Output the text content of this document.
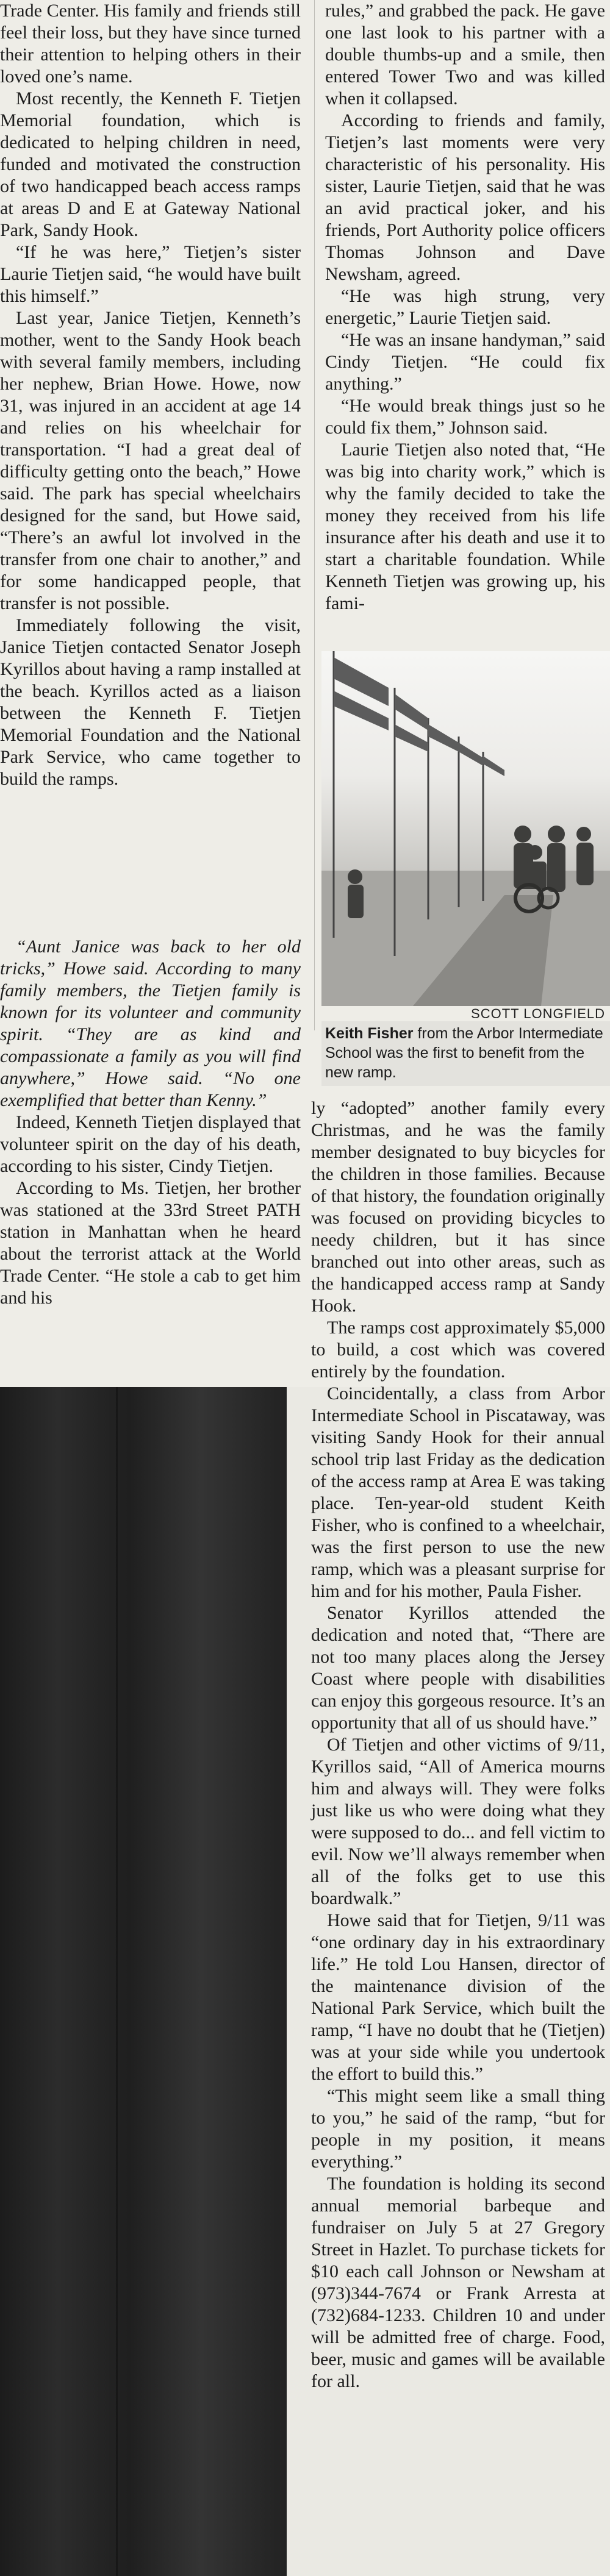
Trade Center. His family and friends still feel their loss, but they have since turned their attention to helping others in their loved one’s name.

Most recently, the Kenneth F. Tietjen Memorial foundation, which is dedicated to helping children in need, funded and motivated the construction of two handicapped beach access ramps at areas D and E at Gateway National Park, Sandy Hook.

“If he was here,” Tietjen’s sister Laurie Tietjen said, “he would have built this himself.”

Last year, Janice Tietjen, Kenneth’s mother, went to the Sandy Hook beach with several family members, including her nephew, Brian Howe. Howe, now 31, was injured in an accident at age 14 and relies on his wheelchair for transportation. “I had a great deal of difficulty getting onto the beach,” Howe said. The park has special wheelchairs designed for the sand, but Howe said, “There’s an awful lot involved in the transfer from one chair to another,” and for some handicapped people, that transfer is not possible.

Immediately following the visit, Janice Tietjen contacted Senator Joseph Kyrillos about having a ramp installed at the beach. Kyrillos acted as a liaison between the Kenneth F. Tietjen Memorial Foundation and the National Park Service, who came together to build the ramps.

“Aunt Janice was back to her old tricks,” Howe said. According to many family members, the Tietjen family is known for its volunteer and community spirit. “They are as kind and compassionate a family as you will find anywhere,” Howe said. “No one exemplified that better than Kenny.”

Indeed, Kenneth Tietjen displayed that volunteer spirit on the day of his death, according to his sister, Cindy Tietjen.

According to Ms. Tietjen, her brother was stationed at the 33rd Street PATH station in Manhattan when he heard about the terrorist attack at the World Trade Center. “He stole a cab to get him and his

rules,” and grabbed the pack. He gave one last look to his partner with a double thumbs-up and a smile, then entered Tower Two and was killed when it collapsed.

According to friends and family, Tietjen’s last moments were very characteristic of his personality. His sister, Laurie Tietjen, said that he was an avid practical joker, and his friends, Port Authority police officers Thomas Johnson and Dave Newsham, agreed.

“He was high strung, very energetic,” Laurie Tietjen said.

“He was an insane handyman,” said Cindy Tietjen. “He could fix anything.”

“He would break things just so he could fix them,” Johnson said.

Laurie Tietjen also noted that, “He was big into charity work,” which is why the family decided to take the money they received from his life insurance after his death and use it to start a charitable foundation. While Kenneth Tietjen was growing up, his fami-

SCOTT LONGFIELD
Keith Fisher from the Arbor Intermediate School was the first to benefit from the new ramp.

ly “adopted” another family every Christmas, and he was the family member designated to buy bicycles for the children in those families. Because of that history, the foundation originally was focused on providing bicycles to needy children, but it has since branched out into other areas, such as the handicapped access ramp at Sandy Hook.

The ramps cost approximately $5,000 to build, a cost which was covered entirely by the foundation.

Coincidentally, a class from Arbor Intermediate School in Piscataway, was visiting Sandy Hook for their annual school trip last Friday as the dedication of the access ramp at Area E was taking place. Ten-year-old student Keith Fisher, who is confined to a wheelchair, was the first person to use the new ramp, which was a pleasant surprise for him and for his mother, Paula Fisher.

Senator Kyrillos attended the dedication and noted that, “There are not too many places along the Jersey Coast where people with disabilities can enjoy this gorgeous resource. It’s an opportunity that all of us should have.”

Of Tietjen and other victims of 9/11, Kyrillos said, “All of America mourns him and always will. They were folks just like us who were doing what they were supposed to do... and fell victim to evil. Now we’ll always remember when all of the folks get to use this boardwalk.”

Howe said that for Tietjen, 9/11 was “one ordinary day in his extraordinary life.” He told Lou Hansen, director of the maintenance division of the National Park Service, which built the ramp, “I have no doubt that he (Tietjen) was at your side while you undertook the effort to build this.”

“This might seem like a small thing to you,” he said of the ramp, “but for people in my position, it means everything.”

The foundation is holding its second annual memorial barbeque and fundraiser on July 5 at 27 Gregory Street in Hazlet. To purchase tickets for $10 each call Johnson or Newsham at (973)344-7674 or Frank Arresta at (732)684-1233. Children 10 and under will be admitted free of charge. Food, beer, music and games will be available for all.
